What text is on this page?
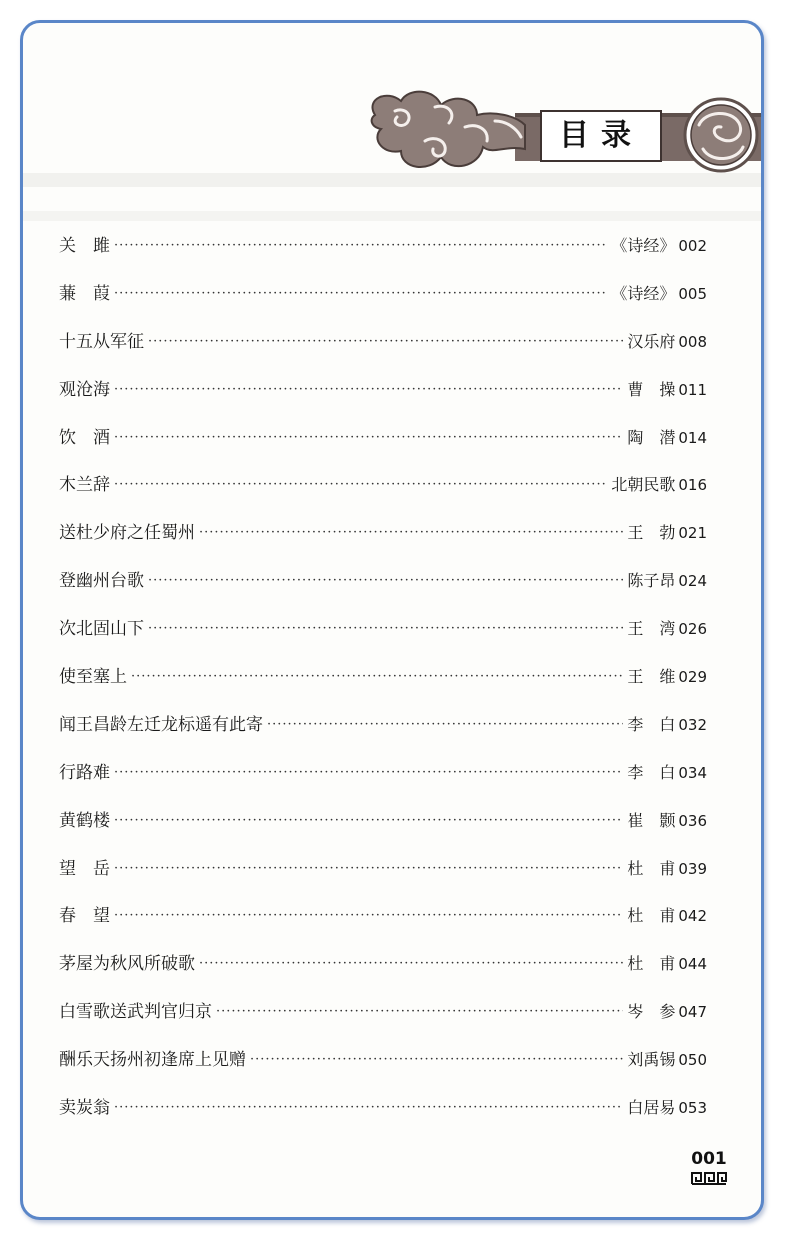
目录
关　雎 ·····	《诗经》 002
蒹　葭 ·····	《诗经》 005
十五从军征 ·····	汉乐府 008
观沧海 ·····	曹　操 011
饮　酒 ·····	陶　潜 014
木兰辞 ·····	北朝民歌 016
送杜少府之任蜀州 ·····	王　勃 021
登幽州台歌 ·····	陈子昂 024
次北固山下 ·····	王　湾 026
使至塞上 ·····	王　维 029
闻王昌龄左迁龙标遥有此寄 ·····	李　白 032
行路难 ·····	李　白 034
黄鹤楼 ·····	崔　颢 036
望　岳 ·····	杜　甫 039
春　望 ·····	杜　甫 042
茅屋为秋风所破歌 ·····	杜　甫 044
白雪歌送武判官归京 ·····	岑　参 047
酬乐天扬州初逢席上见赠 ·····	刘禹锡 050
卖炭翁 ·····	白居易 053
001
